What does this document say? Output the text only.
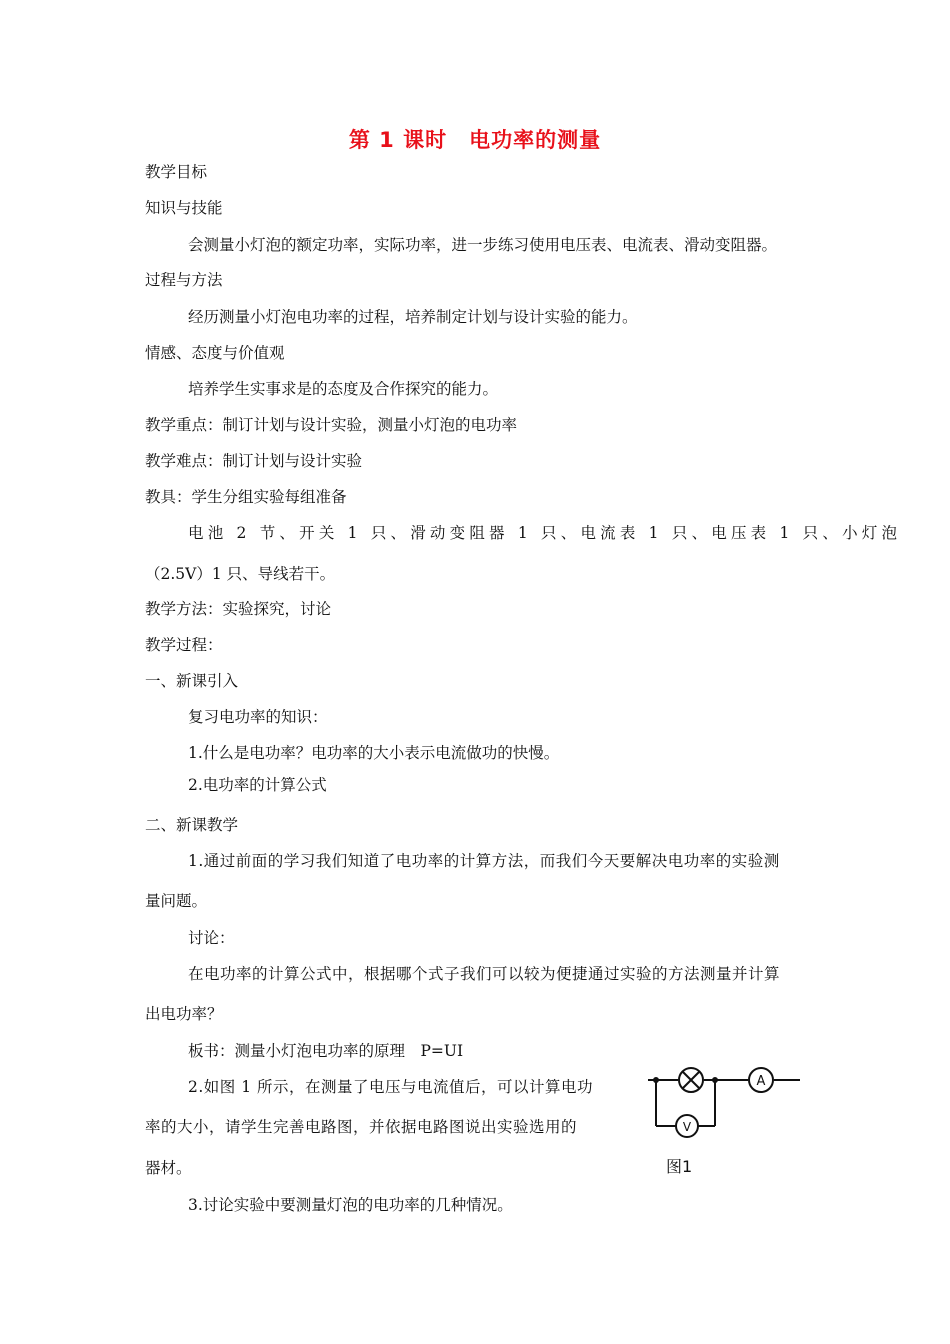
第 1 课时　电功率的测量
教学目标
知识与技能
会测量小灯泡的额定功率，实际功率，进一步练习使用电压表、电流表、滑动变阻器。
过程与方法
经历测量小灯泡电功率的过程，培养制定计划与设计实验的能力。
情感、态度与价值观
培养学生实事求是的态度及合作探究的能力。
教学重点：制订计划与设计实验，测量小灯泡的电功率
教学难点：制订计划与设计实验
教具：学生分组实验每组准备
电池 2 节、开关 1 只、滑动变阻器 1 只、电流表 1 只、电压表 1 只、小灯泡
（2.5V）1 只、导线若干。
教学方法：实验探究，讨论
教学过程：
一、新课引入
复习电功率的知识：
1.什么是电功率？电功率的大小表示电流做功的快慢。
2.电功率的计算公式
二、新课教学
1.通过前面的学习我们知道了电功率的计算方法，而我们今天要解决电功率的实验测
量问题。
讨论：
在电功率的计算公式中，根据哪个式子我们可以较为便捷通过实验的方法测量并计算
出电功率？
板书：测量小灯泡电功率的原理　P=UI
2.如图 1 所示，在测量了电压与电流值后，可以计算电功
率的大小，请学生完善电路图，并依据电路图说出实验选用的
器材。
3.讨论实验中要测量灯泡的电功率的几种情况。
A
V
图1
